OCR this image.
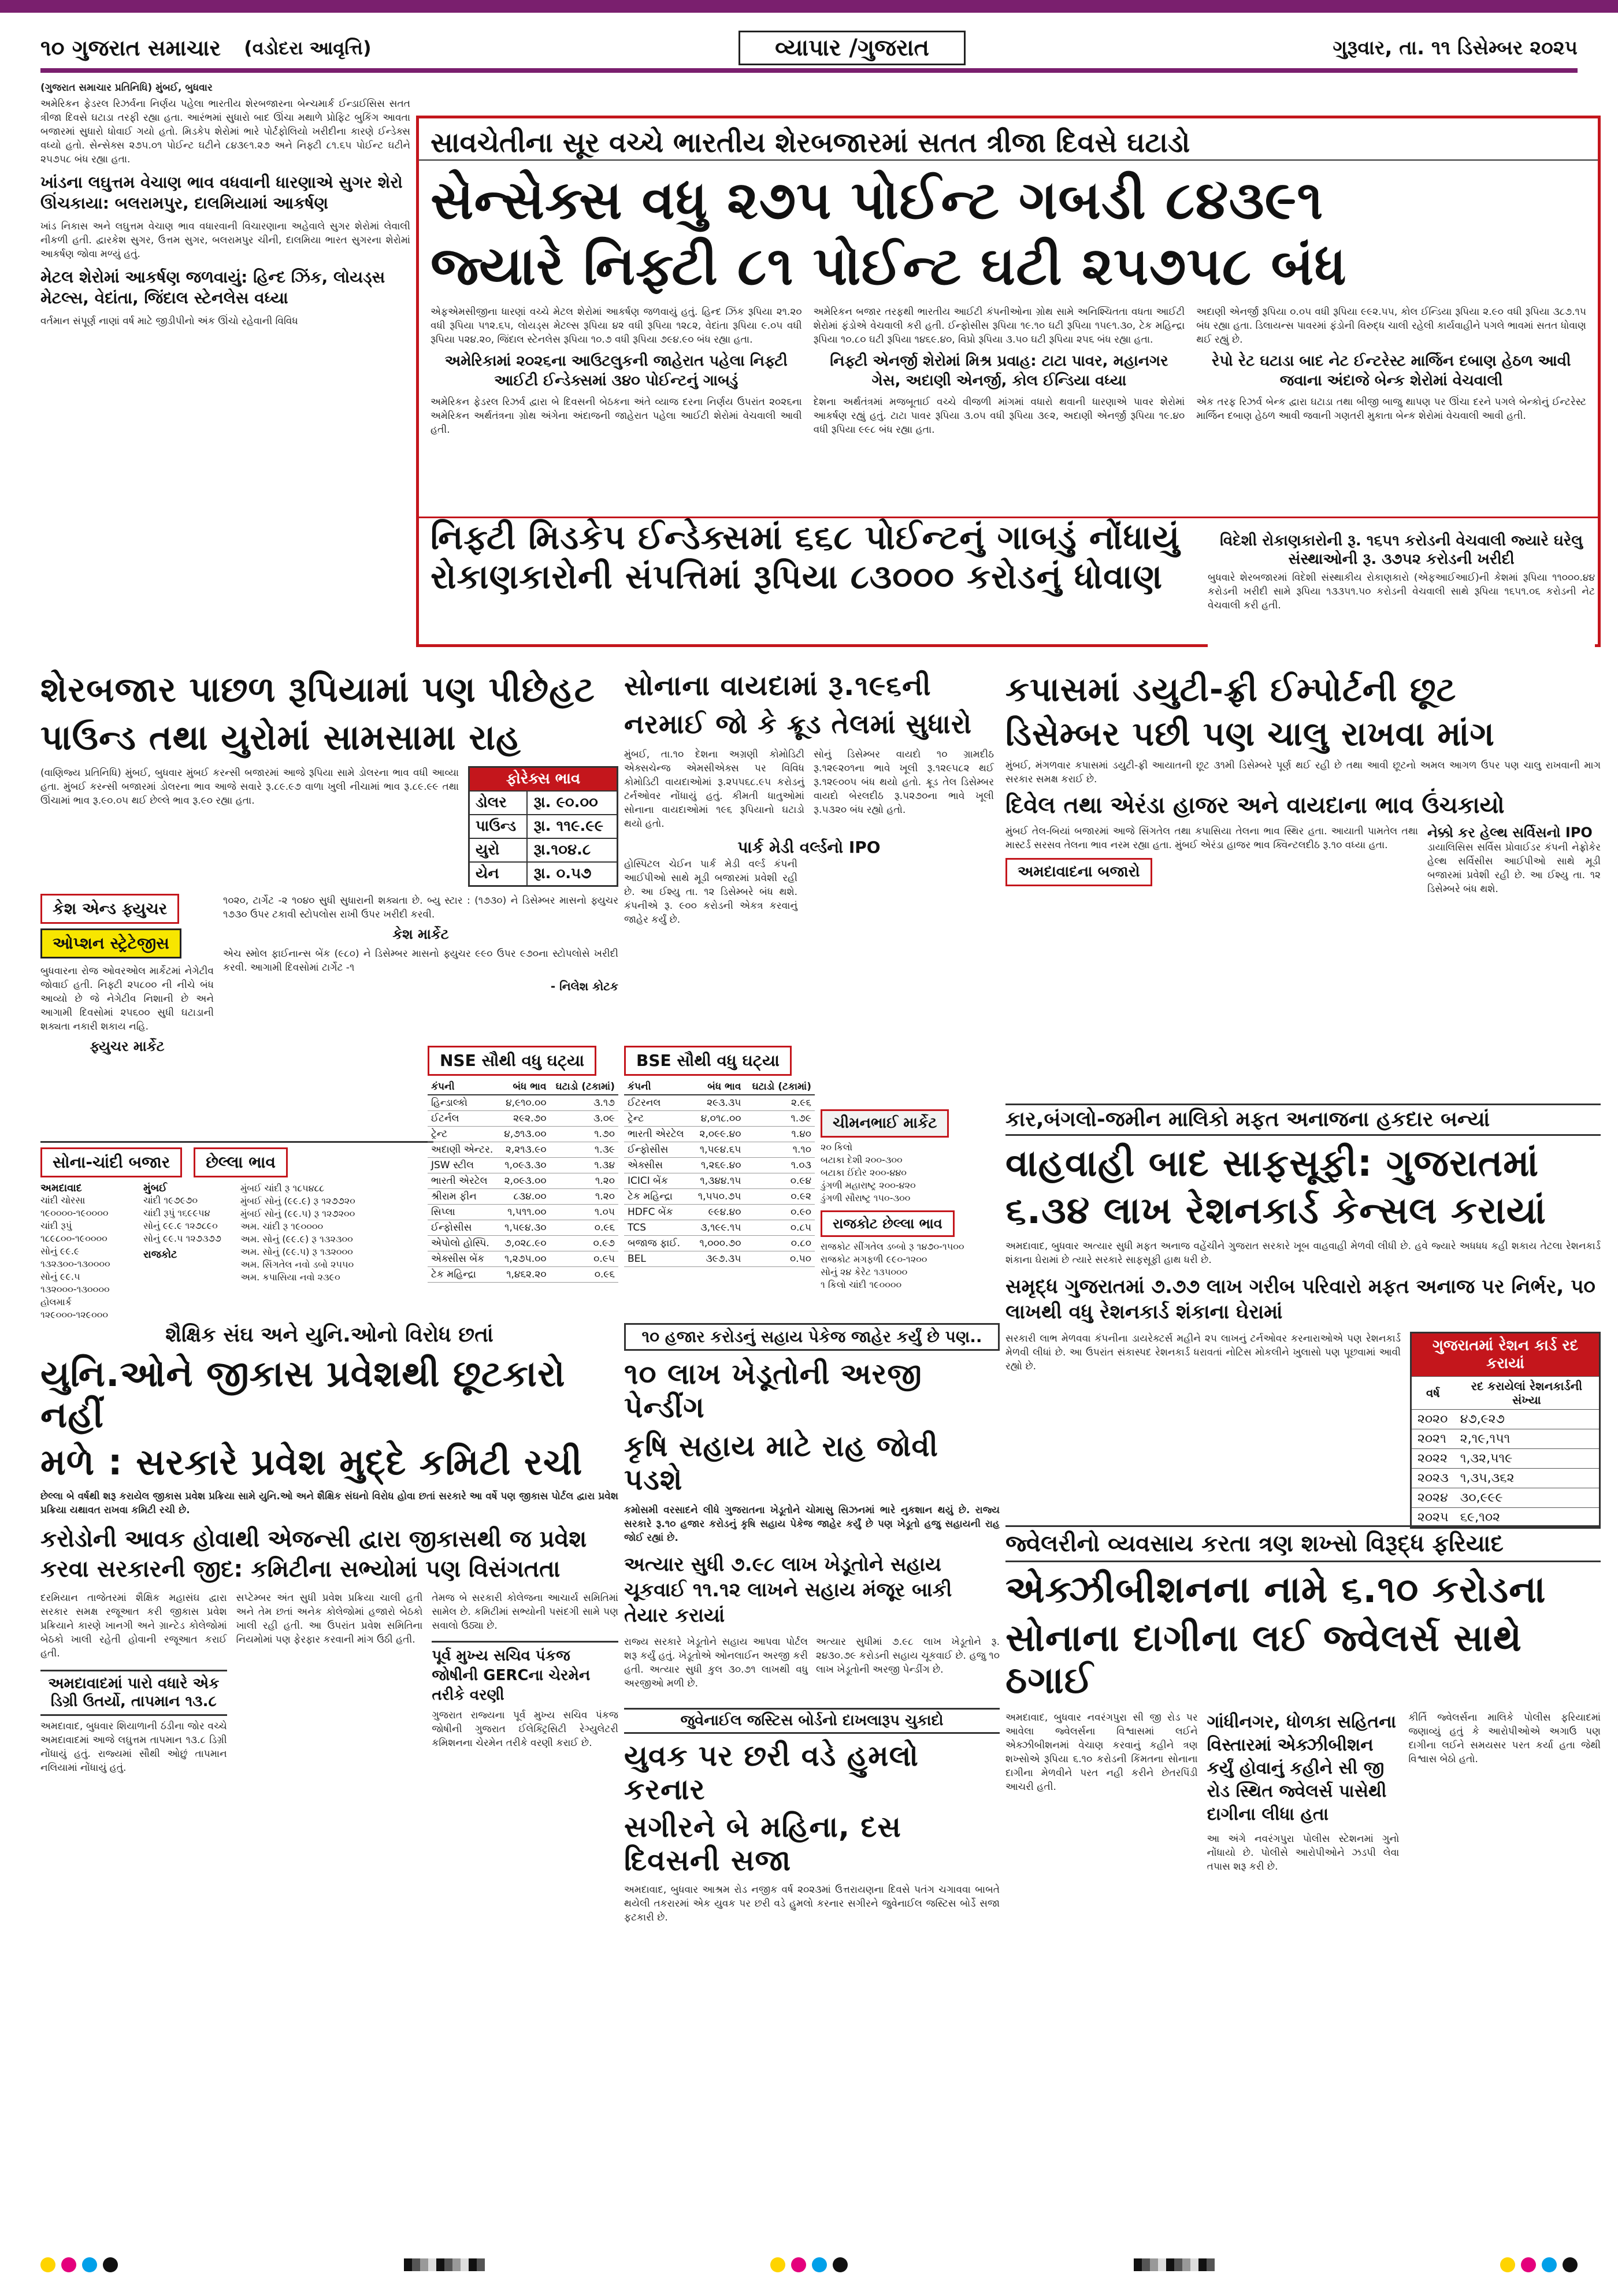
૧૦ ગુજરાત સમાચાર (વડોદરા આવૃત્તિ)	વ્યાપાર /ગુજરાત	ગુરૂવાર, તા. ૧૧ ડિસેમ્બર ૨૦૨૫
(ગુજરાત સમાચાર પ્રતિનિધિ) મુંબઈ, બુધવાર
અમેરિકન ફેડરલ રિઝર્વના નિર્ણય પહેલા ભારતીય શેરબજારના બેન્ચમાર્ક ઈન્ડાઈસિસ સતત ત્રીજા દિવસે ઘટાડા તરફી રહ્યા હતા. આરંભમાં સુધારો બાદ ઊંચા મથાળે પ્રોફિટ બુકિંગ આવતા બજારમાં સુધારો ધોવાઈ ગયો હતો. મિડકેપ શેરોમાં ભારે પોર્ટફોલિયો ખરીદીના કારણે ઈન્ડેક્સ વધ્યો હતો. સેન્સેક્સ ૨૭૫.૦૧ પોઈન્ટ ઘટીને ૮૪૩૯૧.૨૭ અને નિફ્ટી ૮૧.૬૫ પોઈન્ટ ઘટીને ૨૫૭૫૮ બંધ રહ્યા હતા.
ખાંડના લઘુત્તમ વેચાણ ભાવ વધવાની ધારણાએ સુગર શેરો ઊંચકાયા: બલરામપુર, દાલમિયામાં આકર્ષણ
ખાંડ નિકાસ અને લઘુત્તમ વેચાણ ભાવ વધારવાની વિચારણાના અહેવાલે સુગર શેરોમાં લેવાલી નીકળી હતી. દ્વારકેશ સુગર, ઉત્તમ સુગર, બલરામપુર ચીની, દાલમિયા ભારત સુગરના શેરોમાં આકર્ષણ જોવા મળ્યું હતું.
મેટલ શેરોમાં આકર્ષણ જળવાયું: હિન્દ ઝિંક, લોયડ્સ મેટલ્સ, વેદાંતા, જિંદાલ સ્ટેનલેસ વધ્યા
વર્તમાન સંપૂર્ણ નાણાં વર્ષ માટે જીડીપીનો અંક ઊંચો રહેવાની વિવિધ
સાવચેતીના સૂર વચ્ચે ભારતીય શેરબજારમાં સતત ત્રીજા દિવસે ઘટાડો
સેન્સેક્સ વધુ ૨૭૫ પોઈન્ટ ગબડી ૮૪૩૯૧
જ્યારે નિફ્ટી ૮૧ પોઈન્ટ ઘટી ૨૫૭૫૮ બંધ
એફએમસીજીના ધારણાં વચ્ચે મેટલ શેરોમાં આકર્ષણ જળવાયું હતું. હિન્દ ઝિંક રૂપિયા ૨૧.૨૦ વધી રૂપિયા ૫૧૨.૬૫, લોયડ્સ મેટલ્સ રૂપિયા ૪૨ વધી રૂપિયા ૧૨૮૨, વેદાંતા રૂપિયા ૯.૦૫ વધી રૂપિયા ૫૨૪.૨૦, જિંદાલ સ્ટેનલેસ રૂપિયા ૧૦.૭ વધી રૂપિયા ૭૯૪.૯૦ બંધ રહ્યા હતા.
અમેરિકામાં ૨૦૨૬ના આઉટલુકની જાહેરાત પહેલા નિફ્ટી આઈટી ઈન્ડેક્સમાં ૩૪૦ પોઈન્ટનું ગાબડું
અમેરિકન ફેડરલ રિઝર્વ દ્વારા બે દિવસની બેઠકના અંતે વ્યાજ દરના નિર્ણય ઉપરાંત ૨૦૨૬ના અમેરિકન અર્થતંત્રના ગ્રોથ અંગેના અંદાજની જાહેરાત પહેલા આઈટી શેરોમાં વેચવાલી આવી હતી.
અમેરિકન બજાર તરફથી ભારતીય આઈટી કંપનીઓના ગ્રોથ સામે અનિશ્ચિતતા વધતા આઈટી શેરોમાં ફંડોએ વેચવાલી કરી હતી. ઈન્ફોસીસ રૂપિયા ૧૯.૧૦ ઘટી રૂપિયા ૧૫૯૧.૩૦, ટેક મહિન્દ્રા રૂપિયા ૧૦.૮૦ ઘટી રૂપિયા ૧૪૬૯.૪૦, વિપ્રો રૂપિયા ૩.૫૦ ઘટી રૂપિયા ૨૫૬ બંધ રહ્યા હતા.
નિફ્ટી એનર્જી શેરોમાં મિશ્ર પ્રવાહ: ટાટા પાવર, મહાનગર ગેસ, અદાણી એનર્જી, કોલ ઈન્ડિયા વધ્યા
દેશના અર્થતંત્રમાં મજબૂતાઈ વચ્ચે વીજળી માંગમાં વધારો થવાની ધારણાએ પાવર શેરોમાં આકર્ષણ રહ્યું હતું. ટાટા પાવર રૂપિયા ૩.૦૫ વધી રૂપિયા ૩૯૨, અદાણી એનર્જી રૂપિયા ૧૯.૪૦ વધી રૂપિયા ૯૯૮ બંધ રહ્યા હતા.
અદાણી એનર્જી રૂપિયા ૦.૦૫ વધી રૂપિયા ૯૯૨.૫૫, કોલ ઈન્ડિયા રૂપિયા ૨.૯૦ વધી રૂપિયા ૩૮૭.૧૫ બંધ રહ્યા હતા. ડિલાયન્સ પાવરમાં ફંડોની વિરુદ્ધ ચાલી રહેલી કાર્યવાહીને પગલે ભાવમાં સતત ધોવાણ થઈ રહ્યું છે.
રેપો રેટ ઘટાડા બાદ નેટ ઈન્ટરેસ્ટ માર્જિન દબાણ હેઠળ આવી જવાના અંદાજે બેન્ક શેરોમાં વેચવાલી
એક તરફ રિઝર્વ બેન્ક દ્વારા ઘટાડા તથા બીજી બાજુ થાપણ પર ઊંચા દરને પગલે બેન્કોનું ઈન્ટરેસ્ટ માર્જિન દબાણ હેઠળ આવી જવાની ગણતરી મુકાતા બેન્ક શેરોમાં વેચવાલી આવી હતી.
નિફ્ટી મિડકેપ ઈન્ડેક્સમાં ૬૬૮ પોઈન્ટનું ગાબડું નોંધાયું
રોકાણકારોની સંપત્તિમાં રૂપિયા ૮૩૦૦૦ કરોડનું ધોવાણ
વિદેશી રોકાણકારોની રૂ. ૧૬૫૧ કરોડની વેચવાલી જ્યારે ઘરેલુ સંસ્થાઓની રૂ. ૩૭૫૨ કરોડની ખરીદી
બુધવારે શેરબજારમાં વિદેશી સંસ્થાકીય રોકાણકારો (એફઆઈઆઈ)ની કેશમાં રૂપિયા ૧૧૦૦૦.૪૪ કરોડની ખરીદી સામે રૂપિયા ૧૩૩૫૧.૫૦ કરોડની વેચવાલી સાથે રૂપિયા ૧૬૫૧.૦૬ કરોડની નેટ વેચવાલી કરી હતી.
શેરબજાર પાછળ રૂપિયામાં પણ પીછેહટ
પાઉન્ડ તથા યુરોમાં સામસામા રાહ
(વાણિજ્ય પ્રતિનિધિ) મુંબઈ, બુધવાર મુંબઈ કરન્સી બજારમાં આજે રૂપિયા સામે ડોલરના ભાવ વધી આવ્યા હતા. મુંબઈ કરન્સી બજારમાં ડોલરના ભાવ આજે સવારે રૂ.૮૯.૯૭ વાળા ખુલી નીચામાં ભાવ રૂ.૮૯.૯૯ તથા ઊંચામાં ભાવ રૂ.૯૦.૦૫ થઈ છેલ્લે ભાવ રૂ.૯૦ રહ્યા હતા.
ફોરેક્સ ભાવ
ડોલર	રૂા. ૯૦.૦૦
પાઉન્ડ	રૂા. ૧૧૯.૯૯
યુરો	રૂા.૧૦૪.૮
યેન	રૂા. ૦.૫૭
કેશ એન્ડ ફ્યુચર ઓપ્શન સ્ટ્રેટેજીસ
બુધવારના રોજ ઓવરઓલ માર્કેટમાં નેગેટીવ જોવાઈ હતી. નિફ્ટી ૨૫૮૦૦ ની નીચે બંધ આવ્યો છે જે નેગેટીવ નિશાની છે અને આગામી દિવસોમાં ૨૫૬૦૦ સુધી ઘટાડાની શક્યતા નકારી શકાય નહિ.
ફ્યુચર માર્કેટ
૧૦૨૦, ટાર્ગેટ -૨ ૧૦૪૦ સુધી સુધારાની શક્યતા છે. બ્યુ સ્ટાર : (૧૭૩૦) ને ડિસેમ્બર માસનો ફ્યુચર ૧૭૩૦ ઉપર ટકાવી સ્ટોપલોસ રાખી ઉપર ખરીદી કરવી.
કેશ માર્કેટ
એચ સ્મોલ ફાઈનાન્સ બેંક (૯૮૦) ને ડિસેમ્બર માસનો ફ્યુચર ૯૯૦ ઉપર ૯૭૦ના સ્ટોપલોસે ખરીદી કરવી. આગામી દિવસોમાં ટાર્ગેટ -૧
- નિલેશ કોટક
સોના-ચાંદી બજાર	છેલ્લા ભાવ
અમદાવાદ
ચાંદી ચોરસા ૧૯૦૦૦૦-૧૯૦૦૦૦
ચાંદી રૂપું ૧૮૯૮૦૦-૧૯૦૦૦૦
સોનું ૯૯.૯ ૧૩૨૩૦૦-૧૩૦૦૦૦
સોનું ૯૯.૫ ૧૩૨૦૦૦-૧૩૦૦૦૦
હોલમાર્ક ૧૨૯૦૦૦-૧૨૯૦૦૦
મુંબઈ
ચાંદી ૧૯૭૯૭૦
ચાંદી રૂપું ૧૬૯૯૫૪
સોનું ૯૯.૯ ૧૨૭૮૯૦
સોનું ૯૯.૫ ૧૨૭૩૭૭
રાજકોટ
મુંબઈ ચાંદી રૂ ૧૮૫૪૮૮
મુંબઈ સોનું (૯૯.૯) રૂ ૧૨૭૭૨૦
મુંબઈ સોનું (૯૯.૫) રૂ ૧૨૭૨૦૦
અમ. ચાંદી રૂ ૧૯૦૦૦૦
અમ. સોનું (૯૯.૯) રૂ ૧૩૨૩૦૦
અમ. સોનું (૯૯.૫) રૂ ૧૩૨૦૦૦
અમ. સિંગતેલ નવો ડબો ૨૫૫૦
અમ. કપાસિયા નવો ૨૩૯૦
સોનાના વાયદામાં રૂ.૧૯૬ની
નરમાઈ જો કે ક્રૂડ તેલમાં સુધારો
મુંબઈ, તા.૧૦ દેશના અગ્રણી કોમોડિટી એક્સચેન્જ એમસીએક્સ પર વિવિધ કોમોડિટી વાયદાઓમાં રૂ.૨૫૫૬૮.૯૫ કરોડનું ટર્નઓવર નોંધાયું હતું. કીમતી ધાતુઓમાં સોનાના વાયદાઓમાં ૧૯૬ રૂપિયાનો ઘટાડો થયો હતો.
સોનું ડિસેમ્બર વાયદો ૧૦ ગ્રામદીઠ રૂ.૧૨૯૨૦૧ના ભાવે ખૂલી રૂ.૧૨૯૫૮૨ થઈ રૂ.૧૨૯૦૦૫ બંધ થયો હતો. ક્રૂડ તેલ ડિસેમ્બર વાયદો બેરલદીઠ રૂ.૫૨૭૦ના ભાવે ખૂલી રૂ.૫૩૨૦ બંધ રહ્યો હતો.
પાર્ક મેડી વર્લ્ડનો IPO
હોસ્પિટલ ચેઈન પાર્ક મેડી વર્લ્ડ કંપની આઈપીઓ સાથે મૂડી બજારમાં પ્રવેશી રહી છે. આ ઈશ્યુ તા. ૧૨ ડિસેમ્બરે બંધ થશે. કંપનીએ રૂ. ૯૦૦ કરોડની એકત્ર કરવાનું જાહેર કર્યું છે.
NSE સૌથી વધુ ઘટ્યા
કંપની	બંધ ભાવ	ઘટાડો (ટકામાં)
હિન્ડાલ્કો	૪,૯૧૦.૦૦	૩.૧૭
ઈટર્નલ	૨૯૨.૭૦	૩.૦૯
ટ્રેન્ટ	૪,૭૧૩.૦૦	૧.૭૦
અદાણી એન્ટર.	૨,૨૧૩.૯૦	૧.૩૯
JSW સ્ટીલ	૧,૦૯૩.૩૦	૧.૩૪
ભારતી એરટેલ	૨,૦૯૩.૦૦	૧.૨૦
શ્રીરામ ફીન	૮૩૪.૦૦	૧.૨૦
સિપ્લા	૧,૫૧૧.૦૦	૧.૦૫
ઈન્ફોસીસ	૧,૫૯૪.૩૦	૦.૯૬
એપોલો હોસ્પિ.	૭,૦૨૮.૯૦	૦.૯૭
એક્સીસ બેંક	૧,૨૭૫.૦૦	૦.૯૫
ટેક મહિન્દ્રા	૧,૪૬૨.૨૦	૦.૯૬
BSE સૌથી વધુ ઘટ્યા
કંપની	બંધ ભાવ	ઘટાડો (ટકામાં)
ઈટરનલ	૨૯૩.૩૫	૨.૯૬
ટ્રેન્ટ	૪,૦૧૮.૦૦	૧.૭૯
ભારતી એરટેલ	૨,૦૯૯.૪૦	૧.૪૦
ઈન્ફોસીસ	૧,૫૯૪.૬૫	૧.૧૦
એક્સીસ	૧,૨૬૯.૪૦	૧.૦૩
ICICI બેંક	૧,૩૪૪.૧૫	૦.૯૪
ટેક મહિન્દ્રા	૧,૫૫૦.૭૫	૦.૯૨
HDFC બેંક	૯૯૪.૪૦	૦.૯૦
TCS	૩,૧૯૯.૧૫	૦.૮૫
બજાજ ફાઈ.	૧,૦૦૦.૭૦	૦.૮૦
BEL	૩૯૭.૩૫	૦.૫૦
કપાસમાં ડયુટી-ફ્રી ઈમ્પોર્ટની છૂટ
ડિસેમ્બર પછી પણ ચાલુ રાખવા માંગ
મુંબઈ, મંગળવાર કપાસમાં ડયુટી-ફ્રી આયાતની છૂટ ૩૧મી ડિસેમ્બરે પૂર્ણ થઈ રહી છે તથા આવી છૂટનો અમલ આગળ ઉપર પણ ચાલુ રાખવાની માગ સરકાર સમક્ષ કરાઈ છે.
દિવેલ તથા એરંડા હાજર અને વાયદાના ભાવ ઉંચકાયો
મુંબઈ તેલ-બિયાં બજારમાં આજે સિંગતેલ તથા કપાસિયા તેલના ભાવ સ્થિર હતા. આયાતી પામતેલ તથા માસ્ટર્ડ સરસવ તેલના ભાવ નરમ રહ્યા હતા. મુંબઈ એરંડા હાજર ભાવ ક્વિન્ટલદીઠ રૂ.૧૦ વધ્યા હતા.
અમદાવાદના બજારો
નેક્કો કર હેલ્થ સર્વિસનો IPO
ડાયાલિસિસ સર્વિસ પ્રોવાઈડર કંપની નેફ્રોકેર હેલ્થ સર્વિસીસ આઈપીઓ સાથે મૂડી બજારમાં પ્રવેશી રહી છે. આ ઈશ્યુ તા. ૧૨ ડિસેમ્બરે બંધ થશે.
ચીમનભાઈ માર્કેટ
૨૦ કિલો
બટાકા દેશી ૨૦૦-૩૦૦
બટાકા ઈંદોર ૨૦૦-૪૪૦
ડુંગળી મહારાષ્ટ્ર ૨૦૦-૪૨૦
ડુંગળી સૌરાષ્ટ્ર ૧૫૦-૩૦૦
રાજકોટ છેલ્લા ભાવ
રાજકોટ સીંગતેલ ડબ્બો રૂ ૧૪૭૦-૧૫૦૦
રાજકોટ મગફળી ૯૯૦-૧૨૦૦
સોનું ૨૪ કેરેટ ૧૩૫૦૦૦
૧ કિલો ચાંદી ૧૯૦૦૦૦
કાર,બંગલો-જમીન માલિકો મફત અનાજના હકદાર બન્યાં
વાહવાહી બાદ સાફસૂફી: ગુજરાતમાં
૬.૩૪ લાખ રેશનકાર્ડ કેન્સલ કરાયાં
અમદાવાદ, બુધવાર અત્યાર સુધી મફત અનાજ વહેંચીને ગુજરાત સરકારે ખૂબ વાહવાહી મેળવી લીધી છે. હવે જ્યારે અધધધ કહી શકાય તેટલા રેશનકાર્ડ શંકાના ઘેરામાં છે ત્યારે સરકારે સાફસૂફી હાથ ધરી છે.
સમૃદ્ધ ગુજરાતમાં ૭.૭૭ લાખ ગરીબ પરિવારો મફત અનાજ પર નિર્ભર, ૫૦ લાખથી વધુ રેશનકાર્ડ શંકાના ઘેરામાં
સરકારી લાભ મેળવવા કંપનીના ડાયરેક્ટર્સ મહીને ૨૫ લાખનું ટર્નઓવર કરનારાઓએ પણ રેશનકાર્ડ મેળવી લીધાં છે. આ ઉપરાંત સંકાસ્પદ રેશનકાર્ડ ધરાવતાં નોટિસ મોકલીને ખુલાસો પણ પૂછવામાં આવી રહ્યો છે.
ગુજરાતમાં રેશન કાર્ડ રદ કરાયાં
વર્ષ	રદ કરાયેલાં રેશનકાર્ડની સંખ્યા
૨૦૨૦	૪૭,૯૨૭
૨૦૨૧	૨,૧૯,૧૫૧
૨૦૨૨	૧,૩૨,૫૧૯
૨૦૨૩	૧,૩૫,૩૬૨
૨૦૨૪	૩૦,૯૯૯
૨૦૨૫	૬૯,૧૦૨
શૈક્ષિક સંઘ અને યુનિ.ઓનો વિરોધ છતાં
યુનિ.ઓને જીકાસ પ્રવેશથી છૂટકારો નહીં
મળે : સરકારે પ્રવેશ મુદ્દે કમિટી રચી
છેલ્લા બે વર્ષથી શરૂ કરાયેલ જીકાસ પ્રવેશ પ્રક્રિયા સામે યુનિ.ઓ અને શૈક્ષિક સંઘનો વિરોધ હોવા છતાં સરકારે આ વર્ષે પણ જીકાસ પોર્ટલ દ્વારા પ્રવેશ પ્રક્રિયા યથાવત રાખવા કમિટી રચી છે.
કરોડોની આવક હોવાથી એજન્સી દ્વારા જીકાસથી જ પ્રવેશ કરવા સરકારની જીદ: કમિટીના સભ્યોમાં પણ વિસંગતતા
દરમિયાન તાજેતરમાં શૈક્ષિક મહાસંઘ દ્વારા સરકાર સમક્ષ રજૂઆત કરી જીકાસ પ્રવેશ પ્રક્રિયાને કારણે ખાનગી અને ગ્રાન્ટેડ કોલેજોમાં બેઠકો ખાલી રહેતી હોવાની રજૂઆત કરાઈ હતી.
અમદાવાદમાં પારો વધારે એક ડિગ્રી ઉતર્યો, તાપમાન ૧૩.૮
અમદાવાદ, બુધવાર શિયાળાની ઠંડીના જોર વચ્ચે અમદાવાદમાં આજે લઘુત્તમ તાપમાન ૧૩.૮ ડિગ્રી નોંધાયું હતું. રાજ્યમાં સૌથી ઓછું તાપમાન નલિયામાં નોંધાયું હતું.
સપ્ટેમ્બર અંત સુધી પ્રવેશ પ્રક્રિયા ચાલી હતી અને તેમ છતાં અનેક કોલેજોમાં હજારો બેઠકો ખાલી રહી હતી. આ ઉપરાંત પ્રવેશ સમિતિના નિયમોમાં પણ ફેરફાર કરવાની માંગ ઉઠી હતી.
તેમજ બે સરકારી કોલેજના આચાર્ય સમિતિમાં સામેલ છે. કમિટીમાં સભ્યોની પસંદગી સામે પણ સવાલો ઉઠ્યા છે.
પૂર્વ મુખ્ય સચિવ પંકજ જોષીની GERCના ચેરમેન તરીકે વરણી
ગુજરાત રાજ્યના પૂર્વ મુખ્ય સચિવ પંકજ જોષીની ગુજરાત ઈલેક્ટ્રિસિટી રેગ્યુલેટરી કમિશનના ચેરમેન તરીકે વરણી કરાઈ છે.
૧૦ હજાર કરોડનું સહાય પેકેજ જાહેર કર્યું છે પણ..
૧૦ લાખ ખેડૂતોની અરજી પેન્ડીંગ
કૃષિ સહાય માટે રાહ જોવી પડશે
કમોસમી વરસાદને લીધે ગુજરાતના ખેડૂતોને ચોમાસુ સિઝનમાં ભારે નુકશાન થયું છે. રાજ્ય સરકારે રૂ.૧૦ હજાર કરોડનું કૃષિ સહાય પેકેજ જાહેર કર્યું છે પણ ખેડૂતો હજુ સહાયની રાહ જોઈ રહ્યાં છે.
અત્યાર સુધી ૭.૯૮ લાખ ખેડૂતોને સહાય ચૂકવાઈ ૧૧.૧૨ લાખને સહાય મંજૂર બાકી તેયાર કરાયાં
રાજ્ય સરકારે ખેડૂતોને સહાય આપવા પોર્ટલ શરૂ કર્યું હતું. ખેડૂતોએ ઓનલાઈન અરજી કરી હતી. અત્યાર સુધી કુલ ૩૦.૭૧ લાખથી વધુ અરજીઓ મળી છે.
અત્યાર સુધીમાં ૭.૯૮ લાખ ખેડૂતોને રૂ. ૨૪૩૦.૭૯ કરોડની સહાય ચૂકવાઈ છે. હજુ ૧૦ લાખ ખેડૂતોની અરજી પેન્ડીંગ છે.
જુવેનાઈલ જસ્ટિસ બોર્ડનો દાખલારૂપ ચુકાદો
યુવક પર છરી વડે હુમલો કરનાર
સગીરને બે મહિના, દસ દિવસની સજા
અમદાવાદ, બુધવાર આશ્રમ રોડ નજીક વર્ષ ૨૦૨૩માં ઉત્તરાયણના દિવસે પતંગ ચગાવવા બાબતે થયેલી તકરારમાં એક યુવક પર છરી વડે હુમલો કરનાર સગીરને જુવેનાઈલ જસ્ટિસ બોર્ડે સજા ફટકારી છે.
જ્વેલરીનો વ્યવસાય કરતા ત્રણ શખ્સો વિરૂદ્ધ ફરિયાદ
એક્ઝીબીશનના નામે ૬.૧૦ કરોડના
સોનાના દાગીના લઈ જ્વેલર્સ સાથે ઠગાઈ
અમદાવાદ, બુધવાર નવરંગપુરા સી જી રોડ પર આવેલા જ્વેલર્સના વિશ્વાસમાં લઈને એક્ઝીબીશનમાં વેચાણ કરવાનું કહીને ત્રણ શખ્સોએ રૂપિયા ૬.૧૦ કરોડની કિંમતના સોનાના દાગીના મેળવીને પરત નહી કરીને છેતરપિંડી આચરી હતી.
ગાંધીનગર, ધોળકા સહિતના વિસ્તારમાં એક્ઝીબીશન કર્યું હોવાનું કહીને સી જી રોડ સ્થિત જ્વેલર્સ પાસેથી દાગીના લીધા હતા
આ અંગે નવરંગપુરા પોલીસ સ્ટેશનમાં ગુનો નોંધાયો છે. પોલીસે આરોપીઓને ઝડપી લેવા તપાસ શરૂ કરી છે.
કીર્તિ જ્વેલર્સના માલિકે પોલીસ ફરિયાદમાં જણાવ્યું હતું કે આરોપીઓએ અગાઉ પણ દાગીના લઈને સમયસર પરત કર્યા હતા જેથી વિશ્વાસ બેઠો હતો.
